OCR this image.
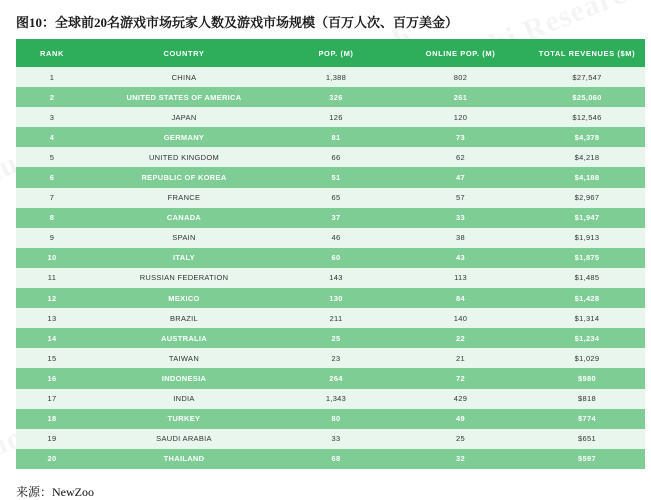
图10：全球前20名游戏市场玩家人数及游戏市场规模（百万人次、百万美金）
RANK	COUNTRY	POP. (M)	ONLINE POP. (M)	TOTAL REVENUES ($M)
1	CHINA	1,388	802	$27,547
2	UNITED STATES OF AMERICA	326	261	$25,060
3	JAPAN	126	120	$12,546
4	GERMANY	81	73	$4,378
5	UNITED KINGDOM	66	62	$4,218
6	REPUBLIC OF KOREA	51	47	$4,188
7	FRANCE	65	57	$2,967
8	CANADA	37	33	$1,947
9	SPAIN	46	38	$1,913
10	ITALY	60	43	$1,875
11	RUSSIAN FEDERATION	143	113	$1,485
12	MEXICO	130	84	$1,428
13	BRAZIL	211	140	$1,314
14	AUSTRALIA	25	22	$1,234
15	TAIWAN	23	21	$1,029
16	INDONESIA	264	72	$980
17	INDIA	1,343	429	$818
18	TURKEY	80	49	$774
19	SAUDI ARABIA	33	25	$651
20	THAILAND	68	32	$597
来源：NewZoo
